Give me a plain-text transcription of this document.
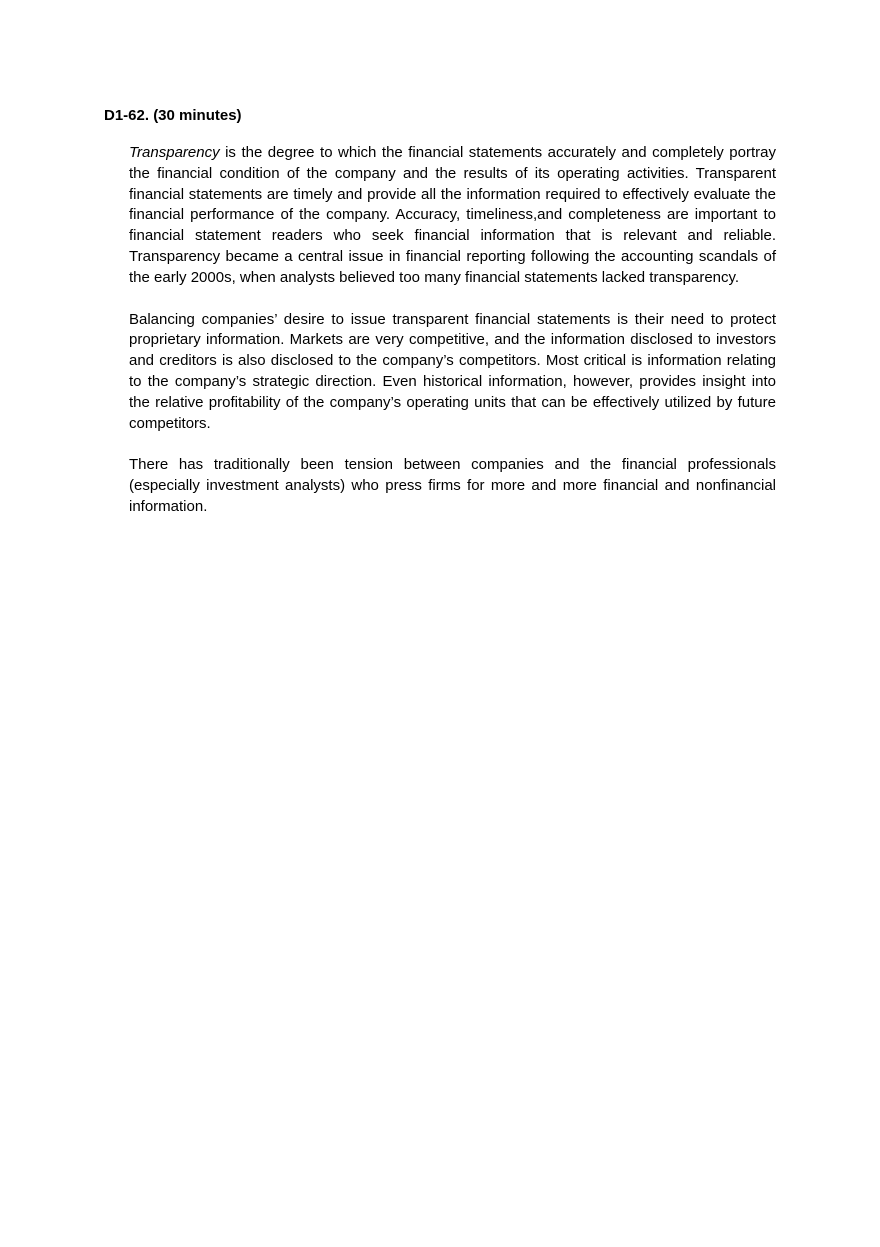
D1-62. (30 minutes)

Transparency is the degree to which the financial statements accurately and completely portray the financial condition of the company and the results of its operating activities. Transparent financial statements are timely and provide all the information required to effectively evaluate the financial performance of the company. Accuracy, timeliness,and completeness are important to financial statement readers who seek financial information that is relevant and reliable. Transparency became a central issue in financial reporting following the accounting scandals of the early 2000s, when analysts believed too many financial statements lacked transparency.

Balancing companies’ desire to issue transparent financial statements is their need to protect proprietary information. Markets are very competitive, and the information disclosed to investors and creditors is also disclosed to the company’s competitors. Most critical is information relating to the company’s strategic direction. Even historical information, however, provides insight into the relative profitability of the company’s operating units that can be effectively utilized by future competitors.

There has traditionally been tension between companies and the financial professionals (especially investment analysts) who press firms for more and more financial and nonfinancial information.
